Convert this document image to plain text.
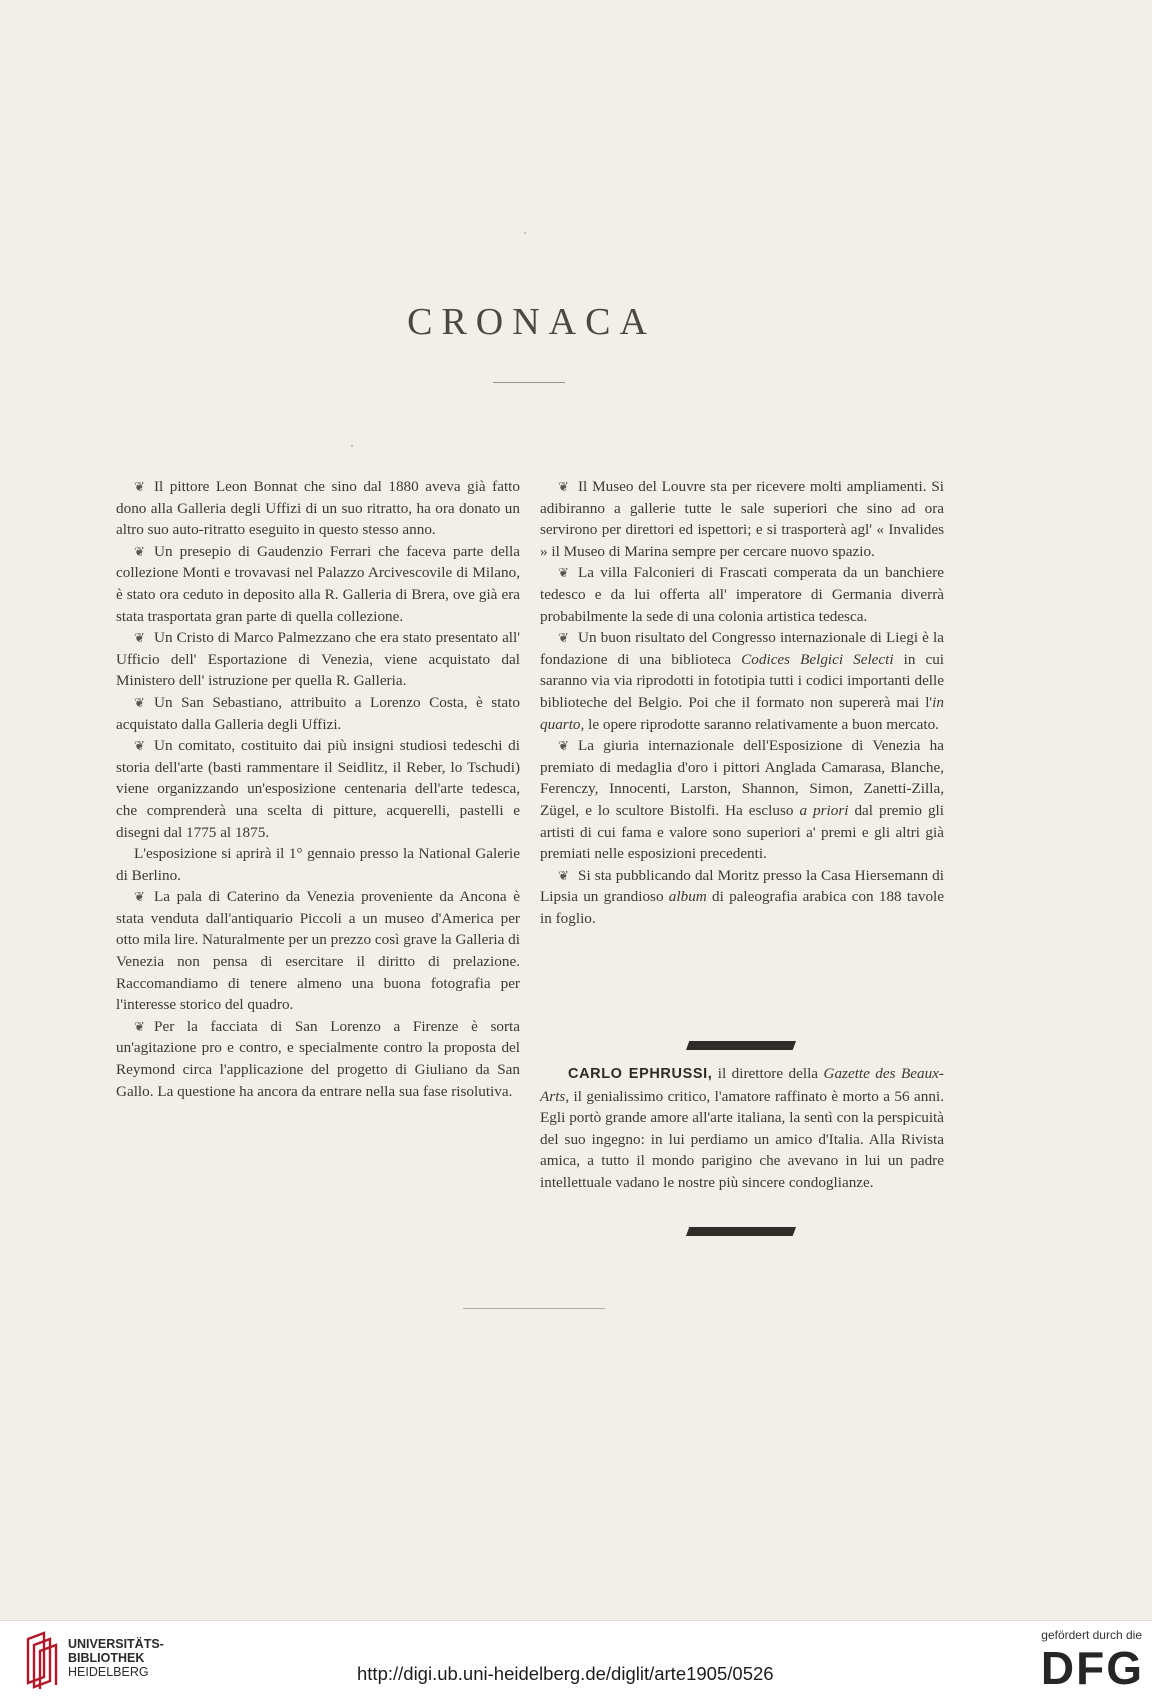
CRONACA

❦ Il pittore Leon Bonnat che sino dal 1880 aveva già fatto dono alla Galleria degli Uffizi di un suo ritratto, ha ora donato un altro suo auto-ritratto eseguito in questo stesso anno.

❦ Un presepio di Gaudenzio Ferrari che faceva parte della collezione Monti e trovavasi nel Palazzo Arcivescovile di Milano, è stato ora ceduto in deposito alla R. Galleria di Brera, ove già era stata trasportata gran parte di quella collezione.

❦ Un Cristo di Marco Palmezzano che era stato presentato all' Ufficio dell' Esportazione di Venezia, viene acquistato dal Ministero dell' istruzione per quella R. Galleria.

❦ Un San Sebastiano, attribuito a Lorenzo Costa, è stato acquistato dalla Galleria degli Uffizi.

❦ Un comitato, costituito dai più insigni studiosi tedeschi di storia dell'arte (basti rammentare il Seidlitz, il Reber, lo Tschudi) viene organizzando un'esposizione centenaria dell'arte tedesca, che comprenderà una scelta di pitture, acquerelli, pastelli e disegni dal 1775 al 1875.

L'esposizione si aprirà il 1° gennaio presso la National Galerie di Berlino.

❦ La pala di Caterino da Venezia proveniente da Ancona è stata venduta dall'antiquario Piccoli a un museo d'America per otto mila lire. Naturalmente per un prezzo così grave la Galleria di Venezia non pensa di esercitare il diritto di prelazione. Raccomandiamo di tenere almeno una buona fotografia per l'interesse storico del quadro.

❦ Per la facciata di San Lorenzo a Firenze è sorta un'agitazione pro e contro, e specialmente contro la proposta del Reymond circa l'applicazione del progetto di Giuliano da San Gallo. La questione ha ancora da entrare nella sua fase risolutiva.

❦ Il Museo del Louvre sta per ricevere molti ampliamenti. Si adibiranno a gallerie tutte le sale superiori che sino ad ora servirono per direttori ed ispettori; e si trasporterà agl' « Invalides » il Museo di Marina sempre per cercare nuovo spazio.

❦ La villa Falconieri di Frascati comperata da un banchiere tedesco e da lui offerta all' imperatore di Germania diverrà probabilmente la sede di una colonia artistica tedesca.

❦ Un buon risultato del Congresso internazionale di Liegi è la fondazione di una biblioteca Codices Belgici Selecti in cui saranno via via riprodotti in fototipia tutti i codici importanti delle biblioteche del Belgio. Poi che il formato non supererà mai l'in quarto, le opere riprodotte saranno relativamente a buon mercato.

❦ La giuria internazionale dell'Esposizione di Venezia ha premiato di medaglia d'oro i pittori Anglada Camarasa, Blanche, Ferenczy, Innocenti, Larston, Shannon, Simon, Zanetti-Zilla, Zügel, e lo scultore Bistolfi. Ha escluso a priori dal premio gli artisti di cui fama e valore sono superiori a' premi e gli altri già premiati nelle esposizioni precedenti.

❦ Si sta pubblicando dal Moritz presso la Casa Hiersemann di Lipsia un grandioso album di paleografia arabica con 188 tavole in foglio.

CARLO EPHRUSSI, il direttore della Gazette des Beaux-Arts, il genialissimo critico, l'amatore raffinato è morto a 56 anni. Egli portò grande amore all'arte italiana, la sentì con la perspicuità del suo ingegno: in lui perdiamo un amico d'Italia. Alla Rivista amica, a tutto il mondo parigino che avevano in lui un padre intellettuale vadano le nostre più sincere condoglianze.
UNIVERSITÄTS-
BIBLIOTHEK
HEIDELBERG	http://digi.ub.uni-heidelberg.de/diglit/arte1905/0526
gefördert durch die
DFG
